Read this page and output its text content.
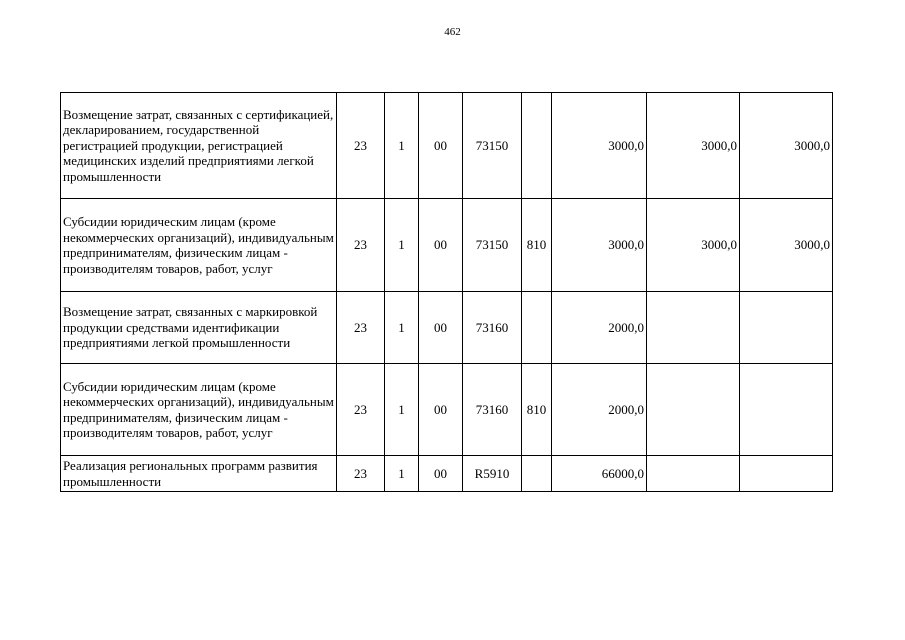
462
Возмещение затрат, связанных с сертификацией, декларированием, государственной регистрацией продукции, регистрацией медицинских изделий предприятиями легкой промышленности	23	1	00	73150		3000,0	3000,0	3000,0
Субсидии юридическим лицам (кроме некоммерческих организаций), индивидуальным предпринимателям, физическим лицам - производителям товаров, работ, услуг	23	1	00	73150	810	3000,0	3000,0	3000,0
Возмещение затрат, связанных с маркировкой продукции средствами идентификации предприятиями легкой промышленности	23	1	00	73160		2000,0		
Субсидии юридическим лицам (кроме некоммерческих организаций), индивидуальным предпринимателям, физическим лицам - производителям товаров, работ, услуг	23	1	00	73160	810	2000,0		
Реализация региональных программ развития промышленности	23	1	00	R5910		66000,0		
